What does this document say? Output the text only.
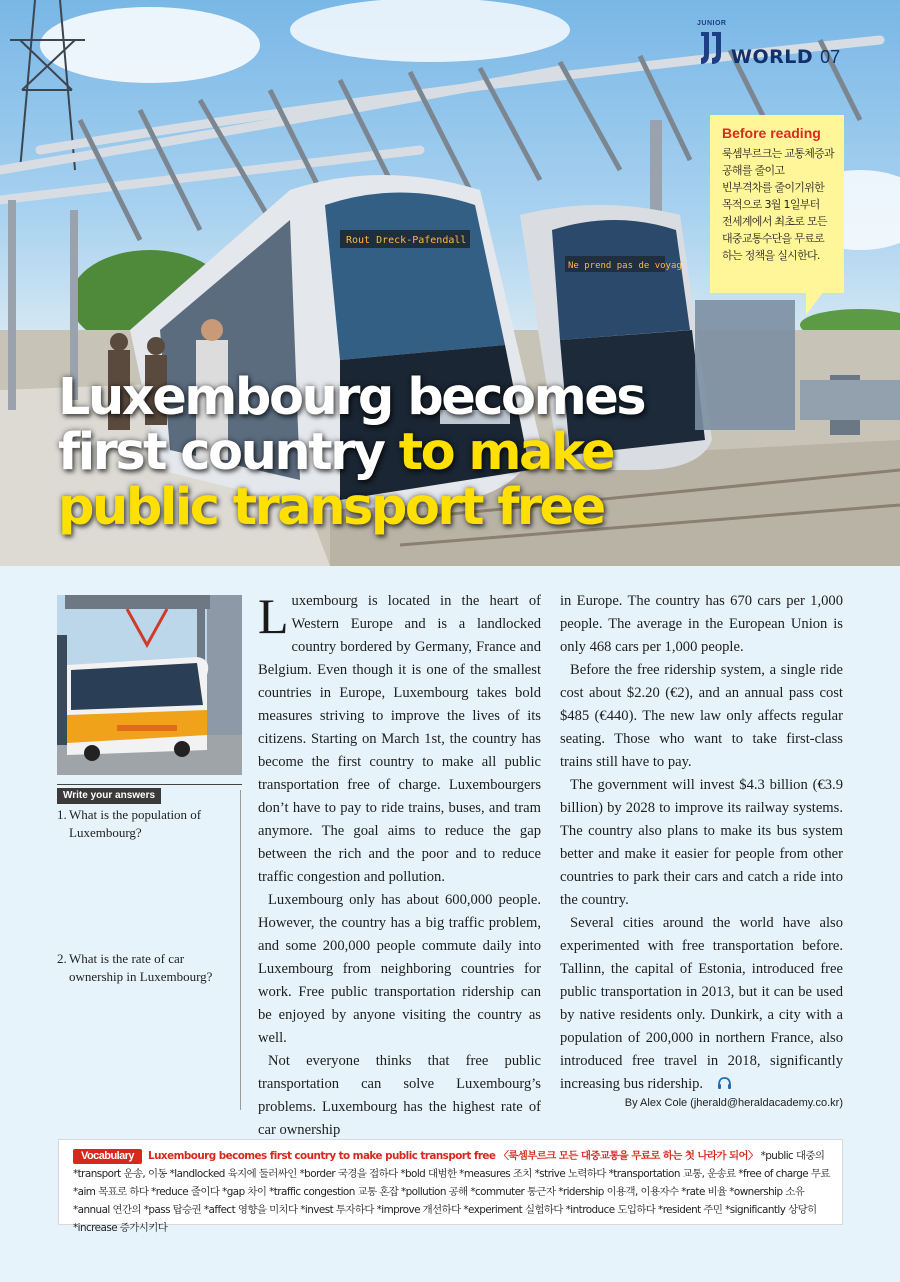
Ne prend pas de voyag
Rout Dreck-Pafendall
JUNIOR
WORLD 07
Before reading

룩셈부르크는 교통체증과
공해를 줄이고
빈부격차를 줄이기위한
목적으로 3월 1일부터
전세계에서 최초로 모든
대중교통수단을 무료로
하는 정책을 실시한다.

Luxembourg becomes
first country to make
public transport free
Write your answers
1. What is the population of Luxembourg?
2. What is the rate of car ownership in Luxembourg?

Luxembourg is located in the heart of Western Europe and is a landlocked country bordered by Germany, France and Belgium. Even though it is one of the smallest countries in Europe, Luxembourg takes bold measures striving to improve the lives of its citizens. Starting on March 1st, the country has become the first country to make all public transportation free of charge. Luxembourgers don’t have to pay to ride trains, buses, and tram anymore. The goal aims to reduce the gap between the rich and the poor and to reduce traffic congestion and pollution.

Luxembourg only has about 600,000 people. However, the country has a big traffic problem, and some 200,000 people commute daily into Luxembourg from neighboring countries for work. Free public transportation ridership can be enjoyed by anyone visiting the country as well.

Not everyone thinks that free public transportation can solve Luxembourg’s problems. Luxembourg has the highest rate of car ownership

in Europe. The country has 670 cars per 1,000 people. The average in the European Union is only 468 cars per 1,000 people.

Before the free ridership system, a single ride cost about $2.20 (€2), and an annual pass cost $485 (€440). The new law only affects regular seating. Those who want to take first-class trains still have to pay.

The government will invest $4.3 billion (€3.9 billion) by 2028 to improve its railway systems. The country also plans to make its bus system better and make it easier for people from other countries to park their cars and catch a ride into the country.

Several cities around the world have also experimented with free transportation before. Tallinn, the capital of Estonia, introduced free public transportation in 2013, but it can be used by native residents only. Dunkirk, a city with a population of 200,000 in northern France, also introduced free travel in 2018, significantly increasing bus ridership.

By Alex Cole (jherald@heraldacademy.co.kr)
Vocabulary Luxembourg becomes first country to make public transport free 〈룩셈부르크 모든 대중교통을 무료로 하는 첫 나라가 되어〉 *public 대중의 *transport 운송, 이동 *landlocked 육지에 둘러싸인 *border 국경을 접하다 *bold 대범한 *measures 조치 *strive 노력하다 *transportation 교통, 운송료 *free of charge 무료 *aim 목표로 하다 *reduce 줄이다 *gap 차이 *traffic congestion 교통 혼잡 *pollution 공해 *commuter 통근자 *ridership 이용객, 이용자수 *rate 비율 *ownership 소유 *annual 연간의 *pass 탑승권 *affect 영향을 미치다 *invest 투자하다 *improve 개선하다 *experiment 실험하다 *introduce 도입하다 *resident 주민 *significantly 상당히 *increase 증가시키다
